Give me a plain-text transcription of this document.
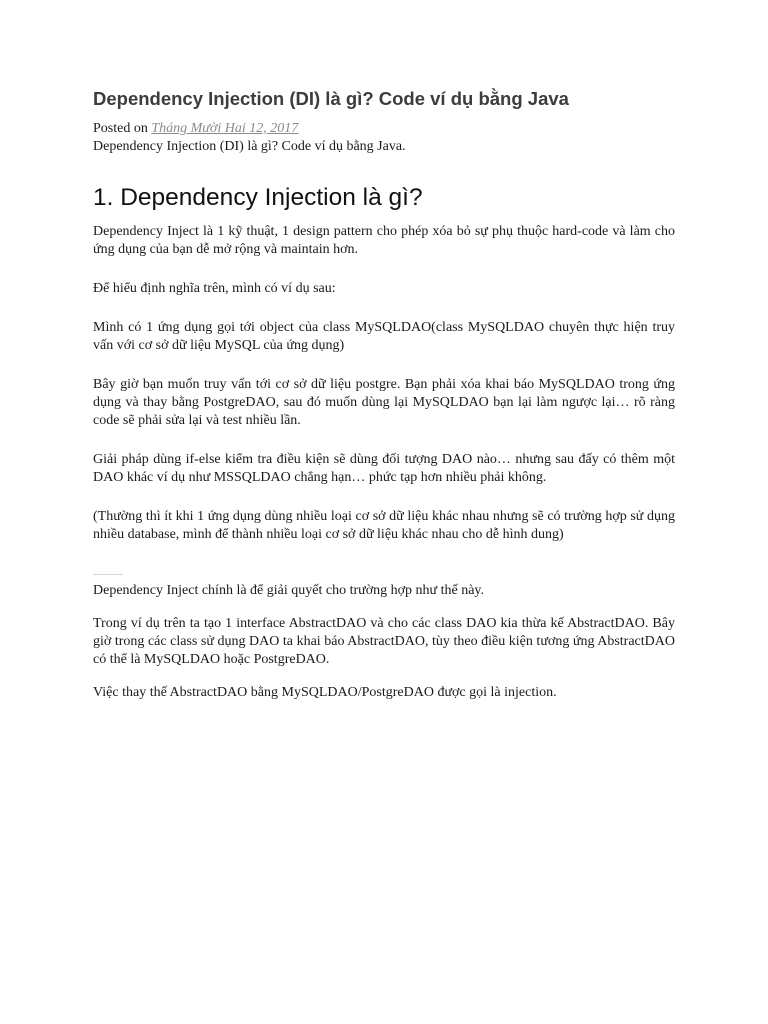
Dependency Injection (DI) là gì? Code ví dụ bằng Java
Posted on Tháng Mười Hai 12, 2017

Dependency Injection (DI) là gì? Code ví dụ bằng Java.

1. Dependency Injection là gì?

Dependency Inject là 1 kỹ thuật, 1 design pattern cho phép xóa bỏ sự phụ thuộc hard-code và làm cho ứng dụng của bạn dễ mở rộng và maintain hơn.

Để hiểu định nghĩa trên, mình có ví dụ sau:

Mình có 1 ứng dụng gọi tới object của class MySQLDAO(class MySQLDAO chuyên thực hiện truy vấn với cơ sở dữ liệu MySQL của ứng dụng)

Bây giờ bạn muốn truy vấn tới cơ sở dữ liệu postgre. Bạn phải xóa khai báo MySQLDAO trong ứng dụng và thay bằng PostgreDAO, sau đó muốn dùng lại MySQLDAO bạn lại làm ngược lại… rõ ràng code sẽ phải sửa lại và test nhiều lần.

Giải pháp dùng if-else kiểm tra điều kiện sẽ dùng đối tượng DAO nào… nhưng sau đấy có thêm một DAO khác ví dụ như MSSQLDAO chẳng hạn… phức tạp hơn nhiều phải không.

(Thường thì ít khi 1 ứng dụng dùng nhiều loại cơ sở dữ liệu khác nhau nhưng sẽ có trường hợp sử dụng nhiều database, mình để thành nhiều loại cơ sở dữ liệu khác nhau cho dễ hình dung)

Dependency Inject chính là để giải quyết cho trường hợp như thế này.

Trong ví dụ trên ta tạo 1 interface AbstractDAO và cho các class DAO kia thừa kế AbstractDAO. Bây giờ trong các class sử dụng DAO ta khai báo AbstractDAO, tùy theo điều kiện tương ứng AbstractDAO có thể là MySQLDAO hoặc PostgreDAO.

Việc thay thế AbstractDAO bằng MySQLDAO/PostgreDAO được gọi là injection.
